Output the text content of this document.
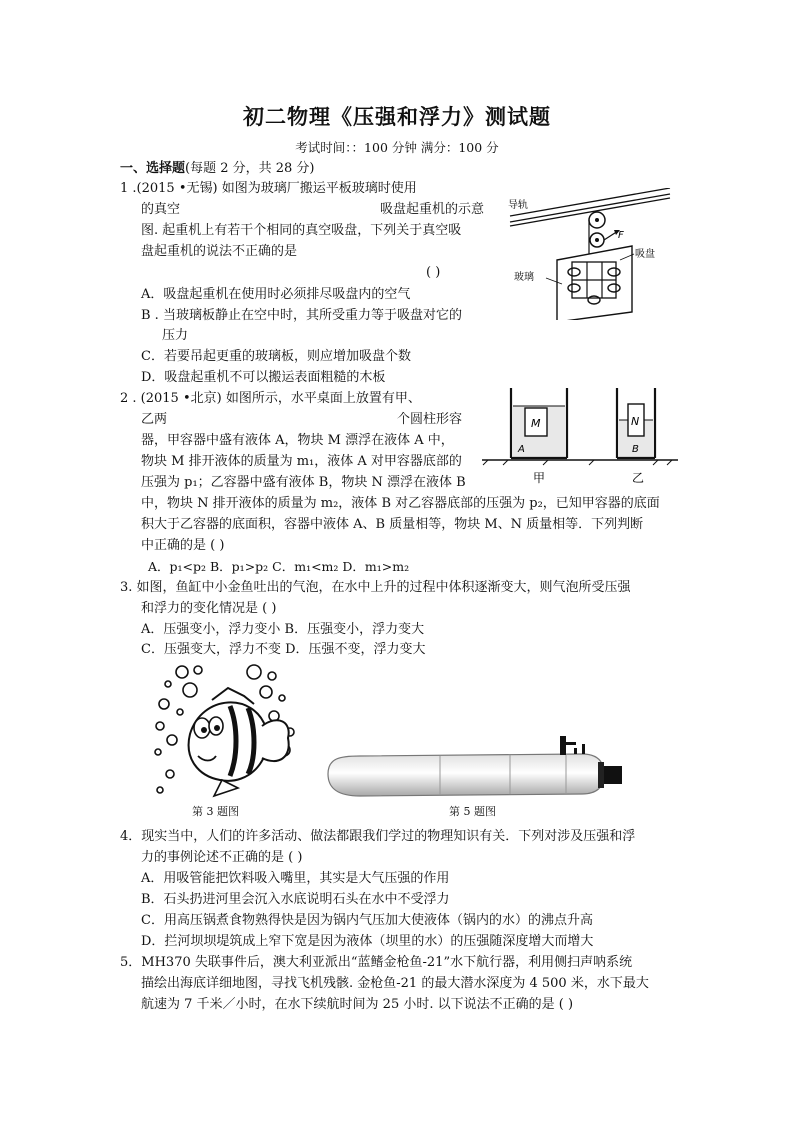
初二物理《压强和浮力》测试题
考试时间：：100 分钟 满分：100 分
一、选择题(每题 2 分，共 28 分)
1 .(2015 •无锡) 如图为玻璃厂搬运平板玻璃时使用
的真空	吸盘起重机的示意
图. 起重机上有若干个相同的真空吸盘，下列关于真空吸
盘起重机的说法不正确的是
( )
A．吸盘起重机在使用时必须排尽吸盘内的空气
B . 当玻璃板静止在空中时，其所受重力等于吸盘对它的
压力
C．若要吊起更重的玻璃板，则应增加吸盘个数
D．吸盘起重机不可以搬运表面粗糙的木板
导轨
F
吸盘
玻璃
2 . (2015 •北京) 如图所示，水平桌面上放置有甲、
乙两	个圆柱形容
器，甲容器中盛有液体 A，物块 M 漂浮在液体 A 中，
物块 M 排开液体的质量为 m₁，液体 A 对甲容器底部的
压强为 p₁；乙容器中盛有液体 B，物块 N 漂浮在液体 B
中，物块 N 排开液体的质量为 m₂，液体 B 对乙容器底部的压强为 p₂，已知甲容器的底面
积大于乙容器的底面积，容器中液体 A、B 质量相等，物块 M、N 质量相等．下列判断
中正确的是 ( )
A．p₁<p₂ B．p₁>p₂ C．m₁<m₂ D．m₁>m₂
M
A
甲
N
B
乙
3. 如图，鱼缸中小金鱼吐出的气泡，在水中上升的过程中体积逐渐变大，则气泡所受压强
和浮力的变化情况是 ( )
A．压强变小，浮力变小 B．压强变小，浮力变大
C．压强变大，浮力不变 D．压强不变，浮力变大
第 3 题图	第 5 题图
4．现实当中，人们的许多活动、做法都跟我们学过的物理知识有关．下列对涉及压强和浮
力的事例论述不正确的是 ( )
A．用吸管能把饮料吸入嘴里，其实是大气压强的作用
B．石头扔进河里会沉入水底说明石头在水中不受浮力
C．用高压锅煮食物熟得快是因为锅内气压加大使液体（锅内的水）的沸点升高
D．拦河坝坝堤筑成上窄下宽是因为液体（坝里的水）的压强随深度增大而增大
5．MH370 失联事件后，澳大利亚派出“蓝鳍金枪鱼-21”水下航行器，利用侧扫声呐系统
描绘出海底详细地图，寻找飞机残骸. 金枪鱼-21 的最大潜水深度为 4 500 米，水下最大
航速为 7 千米／小时，在水下续航时间为 25 小时. 以下说法不正确的是 ( )
